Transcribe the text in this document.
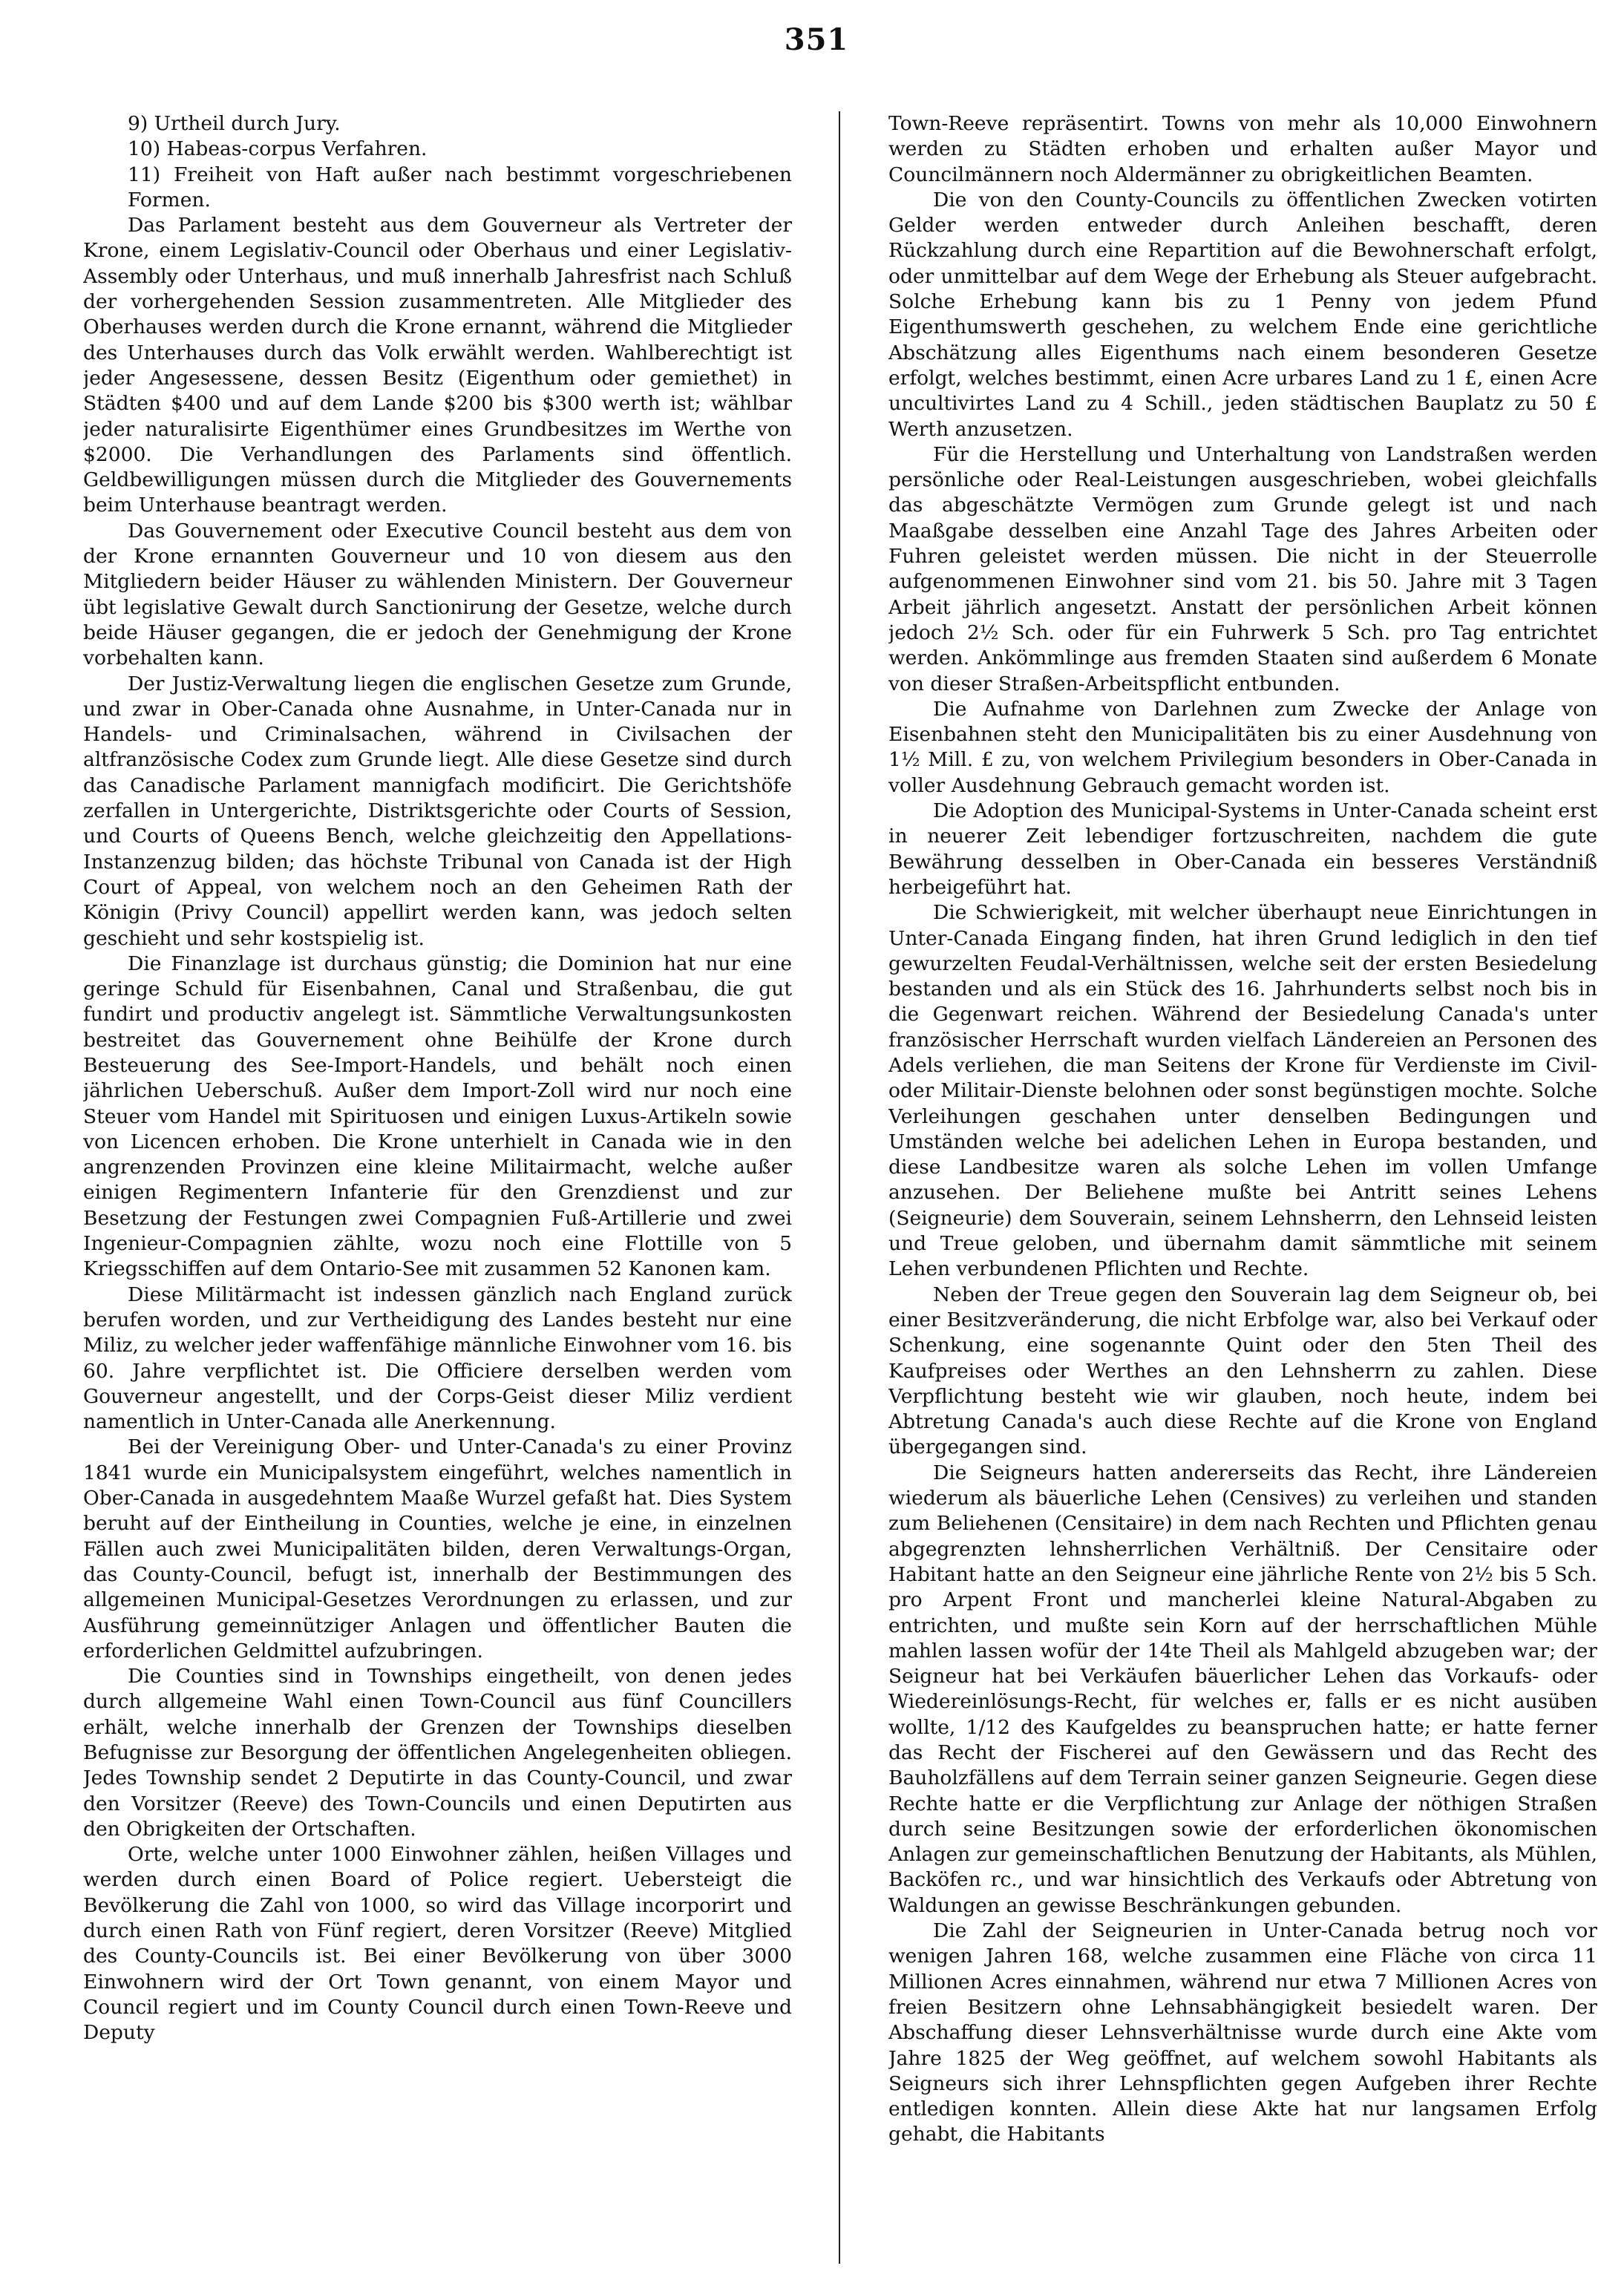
351

9) Urtheil durch Jury.

10) Habeas-corpus Verfahren.

11) Freiheit von Haft außer nach bestimmt vorgeschriebenen Formen.

Das Parlament besteht aus dem Gouverneur als Vertreter der Krone, einem Legislativ-Council oder Oberhaus und einer Legislativ-Assembly oder Unterhaus, und muß innerhalb Jahresfrist nach Schluß der vorhergehenden Session zusammentreten. Alle Mitglieder des Oberhauses werden durch die Krone ernannt, während die Mitglieder des Unterhauses durch das Volk erwählt werden. Wahlberechtigt ist jeder Angesessene, dessen Besitz (Eigenthum oder gemiethet) in Städten $400 und auf dem Lande $200 bis $300 werth ist; wählbar jeder naturalisirte Eigenthümer eines Grundbesitzes im Werthe von $2000. Die Verhandlungen des Parlaments sind öffentlich. Geldbewilligungen müssen durch die Mitglieder des Gouvernements beim Unterhause beantragt werden.

Das Gouvernement oder Executive Council besteht aus dem von der Krone ernannten Gouverneur und 10 von diesem aus den Mitgliedern beider Häuser zu wählenden Ministern. Der Gouverneur übt legislative Gewalt durch Sanctionirung der Gesetze, welche durch beide Häuser gegangen, die er jedoch der Genehmigung der Krone vorbehalten kann.

Der Justiz-Verwaltung liegen die englischen Gesetze zum Grunde, und zwar in Ober-Canada ohne Ausnahme, in Unter-Canada nur in Handels- und Criminalsachen, während in Civilsachen der altfranzösische Codex zum Grunde liegt. Alle diese Gesetze sind durch das Canadische Parlament mannigfach modificirt. Die Gerichtshöfe zerfallen in Untergerichte, Distriktsgerichte oder Courts of Session, und Courts of Queens Bench, welche gleichzeitig den Appellations-Instanzenzug bilden; das höchste Tribunal von Canada ist der High Court of Appeal, von welchem noch an den Geheimen Rath der Königin (Privy Council) appellirt werden kann, was jedoch selten geschieht und sehr kostspielig ist.

Die Finanzlage ist durchaus günstig; die Dominion hat nur eine geringe Schuld für Eisenbahnen, Canal und Straßenbau, die gut fundirt und productiv angelegt ist. Sämmtliche Verwaltungsunkosten bestreitet das Gouvernement ohne Beihülfe der Krone durch Besteuerung des See-Import-Handels, und behält noch einen jährlichen Ueberschuß. Außer dem Import-Zoll wird nur noch eine Steuer vom Handel mit Spirituosen und einigen Luxus-Artikeln sowie von Licencen erhoben. Die Krone unterhielt in Canada wie in den angrenzenden Provinzen eine kleine Militairmacht, welche außer einigen Regimentern Infanterie für den Grenzdienst und zur Besetzung der Festungen zwei Compagnien Fuß-Artillerie und zwei Ingenieur-Compagnien zählte, wozu noch eine Flottille von 5 Kriegsschiffen auf dem Ontario-See mit zusammen 52 Kanonen kam.

Diese Militärmacht ist indessen gänzlich nach England zurück berufen worden, und zur Vertheidigung des Landes besteht nur eine Miliz, zu welcher jeder waffenfähige männliche Einwohner vom 16. bis 60. Jahre verpflichtet ist. Die Officiere derselben werden vom Gouverneur angestellt, und der Corps-Geist dieser Miliz verdient namentlich in Unter-Canada alle Anerkennung.

Bei der Vereinigung Ober- und Unter-Canada's zu einer Provinz 1841 wurde ein Municipalsystem eingeführt, welches namentlich in Ober-Canada in ausgedehntem Maaße Wurzel gefaßt hat. Dies System beruht auf der Eintheilung in Counties, welche je eine, in einzelnen Fällen auch zwei Municipalitäten bilden, deren Verwaltungs-Organ, das County-Council, befugt ist, innerhalb der Bestimmungen des allgemeinen Municipal-Gesetzes Verordnungen zu erlassen, und zur Ausführung gemeinnütziger Anlagen und öffentlicher Bauten die erforderlichen Geldmittel aufzubringen.

Die Counties sind in Townships eingetheilt, von denen jedes durch allgemeine Wahl einen Town-Council aus fünf Councillers erhält, welche innerhalb der Grenzen der Townships dieselben Befugnisse zur Besorgung der öffentlichen Angelegenheiten obliegen. Jedes Township sendet 2 Deputirte in das County-Council, und zwar den Vorsitzer (Reeve) des Town-Councils und einen Deputirten aus den Obrigkeiten der Ortschaften.

Orte, welche unter 1000 Einwohner zählen, heißen Villages und werden durch einen Board of Police regiert. Uebersteigt die Bevölkerung die Zahl von 1000, so wird das Village incorporirt und durch einen Rath von Fünf regiert, deren Vorsitzer (Reeve) Mitglied des County-Councils ist. Bei einer Bevölkerung von über 3000 Einwohnern wird der Ort Town genannt, von einem Mayor und Council regiert und im County Council durch einen Town-Reeve und Deputy

Town-Reeve repräsentirt. Towns von mehr als 10,000 Einwohnern werden zu Städten erhoben und erhalten außer Mayor und Councilmännern noch Aldermänner zu obrigkeitlichen Beamten.

Die von den County-Councils zu öffentlichen Zwecken votirten Gelder werden entweder durch Anleihen beschafft, deren Rückzahlung durch eine Repartition auf die Bewohnerschaft erfolgt, oder unmittelbar auf dem Wege der Erhebung als Steuer aufgebracht. Solche Erhebung kann bis zu 1 Penny von jedem Pfund Eigenthumswerth geschehen, zu welchem Ende eine gerichtliche Abschätzung alles Eigenthums nach einem besonderen Gesetze erfolgt, welches bestimmt, einen Acre urbares Land zu 1 £, einen Acre uncultivirtes Land zu 4 Schill., jeden städtischen Bauplatz zu 50 £ Werth anzusetzen.

Für die Herstellung und Unterhaltung von Landstraßen werden persönliche oder Real-Leistungen ausgeschrieben, wobei gleichfalls das abgeschätzte Vermögen zum Grunde gelegt ist und nach Maaßgabe desselben eine Anzahl Tage des Jahres Arbeiten oder Fuhren geleistet werden müssen. Die nicht in der Steuerrolle aufgenommenen Einwohner sind vom 21. bis 50. Jahre mit 3 Tagen Arbeit jährlich angesetzt. Anstatt der persönlichen Arbeit können jedoch 2½ Sch. oder für ein Fuhrwerk 5 Sch. pro Tag entrichtet werden. Ankömmlinge aus fremden Staaten sind außerdem 6 Monate von dieser Straßen-Arbeitspflicht entbunden.

Die Aufnahme von Darlehnen zum Zwecke der Anlage von Eisenbahnen steht den Municipalitäten bis zu einer Ausdehnung von 1½ Mill. £ zu, von welchem Privilegium besonders in Ober-Canada in voller Ausdehnung Gebrauch gemacht worden ist.

Die Adoption des Municipal-Systems in Unter-Canada scheint erst in neuerer Zeit lebendiger fortzuschreiten, nachdem die gute Bewährung desselben in Ober-Canada ein besseres Verständniß herbeigeführt hat.

Die Schwierigkeit, mit welcher überhaupt neue Einrichtungen in Unter-Canada Eingang finden, hat ihren Grund lediglich in den tief gewurzelten Feudal-Verhältnissen, welche seit der ersten Besiedelung bestanden und als ein Stück des 16. Jahrhunderts selbst noch bis in die Gegenwart reichen. Während der Besiedelung Canada's unter französischer Herrschaft wurden vielfach Ländereien an Personen des Adels verliehen, die man Seitens der Krone für Verdienste im Civil- oder Militair-Dienste belohnen oder sonst begünstigen mochte. Solche Verleihungen geschahen unter denselben Bedingungen und Umständen welche bei adelichen Lehen in Europa bestanden, und diese Landbesitze waren als solche Lehen im vollen Umfange anzusehen. Der Beliehene mußte bei Antritt seines Lehens (Seigneurie) dem Souverain, seinem Lehnsherrn, den Lehnseid leisten und Treue geloben, und übernahm damit sämmtliche mit seinem Lehen verbundenen Pflichten und Rechte.

Neben der Treue gegen den Souverain lag dem Seigneur ob, bei einer Besitzveränderung, die nicht Erbfolge war, also bei Verkauf oder Schenkung, eine sogenannte Quint oder den 5ten Theil des Kaufpreises oder Werthes an den Lehnsherrn zu zahlen. Diese Verpflichtung besteht wie wir glauben, noch heute, indem bei Abtretung Canada's auch diese Rechte auf die Krone von England übergegangen sind.

Die Seigneurs hatten andererseits das Recht, ihre Ländereien wiederum als bäuerliche Lehen (Censives) zu verleihen und standen zum Beliehenen (Censitaire) in dem nach Rechten und Pflichten genau abgegrenzten lehnsherrlichen Verhältniß. Der Censitaire oder Habitant hatte an den Seigneur eine jährliche Rente von 2½ bis 5 Sch. pro Arpent Front und mancherlei kleine Natural-Abgaben zu entrichten, und mußte sein Korn auf der herrschaftlichen Mühle mahlen lassen wofür der 14te Theil als Mahlgeld abzugeben war; der Seigneur hat bei Verkäufen bäuerlicher Lehen das Vorkaufs- oder Wiedereinlösungs-Recht, für welches er, falls er es nicht ausüben wollte, 1/12 des Kaufgeldes zu beanspruchen hatte; er hatte ferner das Recht der Fischerei auf den Gewässern und das Recht des Bauholzfällens auf dem Terrain seiner ganzen Seigneurie. Gegen diese Rechte hatte er die Verpflichtung zur Anlage der nöthigen Straßen durch seine Besitzungen sowie der erforderlichen ökonomischen Anlagen zur gemeinschaftlichen Benutzung der Habitants, als Mühlen, Backöfen rc., und war hinsichtlich des Verkaufs oder Abtretung von Waldungen an gewisse Beschränkungen gebunden.

Die Zahl der Seigneurien in Unter-Canada betrug noch vor wenigen Jahren 168, welche zusammen eine Fläche von circa 11 Millionen Acres einnahmen, während nur etwa 7 Millionen Acres von freien Besitzern ohne Lehnsabhängigkeit besiedelt waren. Der Abschaffung dieser Lehnsverhältnisse wurde durch eine Akte vom Jahre 1825 der Weg geöffnet, auf welchem sowohl Habitants als Seigneurs sich ihrer Lehnspflichten gegen Aufgeben ihrer Rechte entledigen konnten. Allein diese Akte hat nur langsamen Erfolg gehabt, die Habitants
